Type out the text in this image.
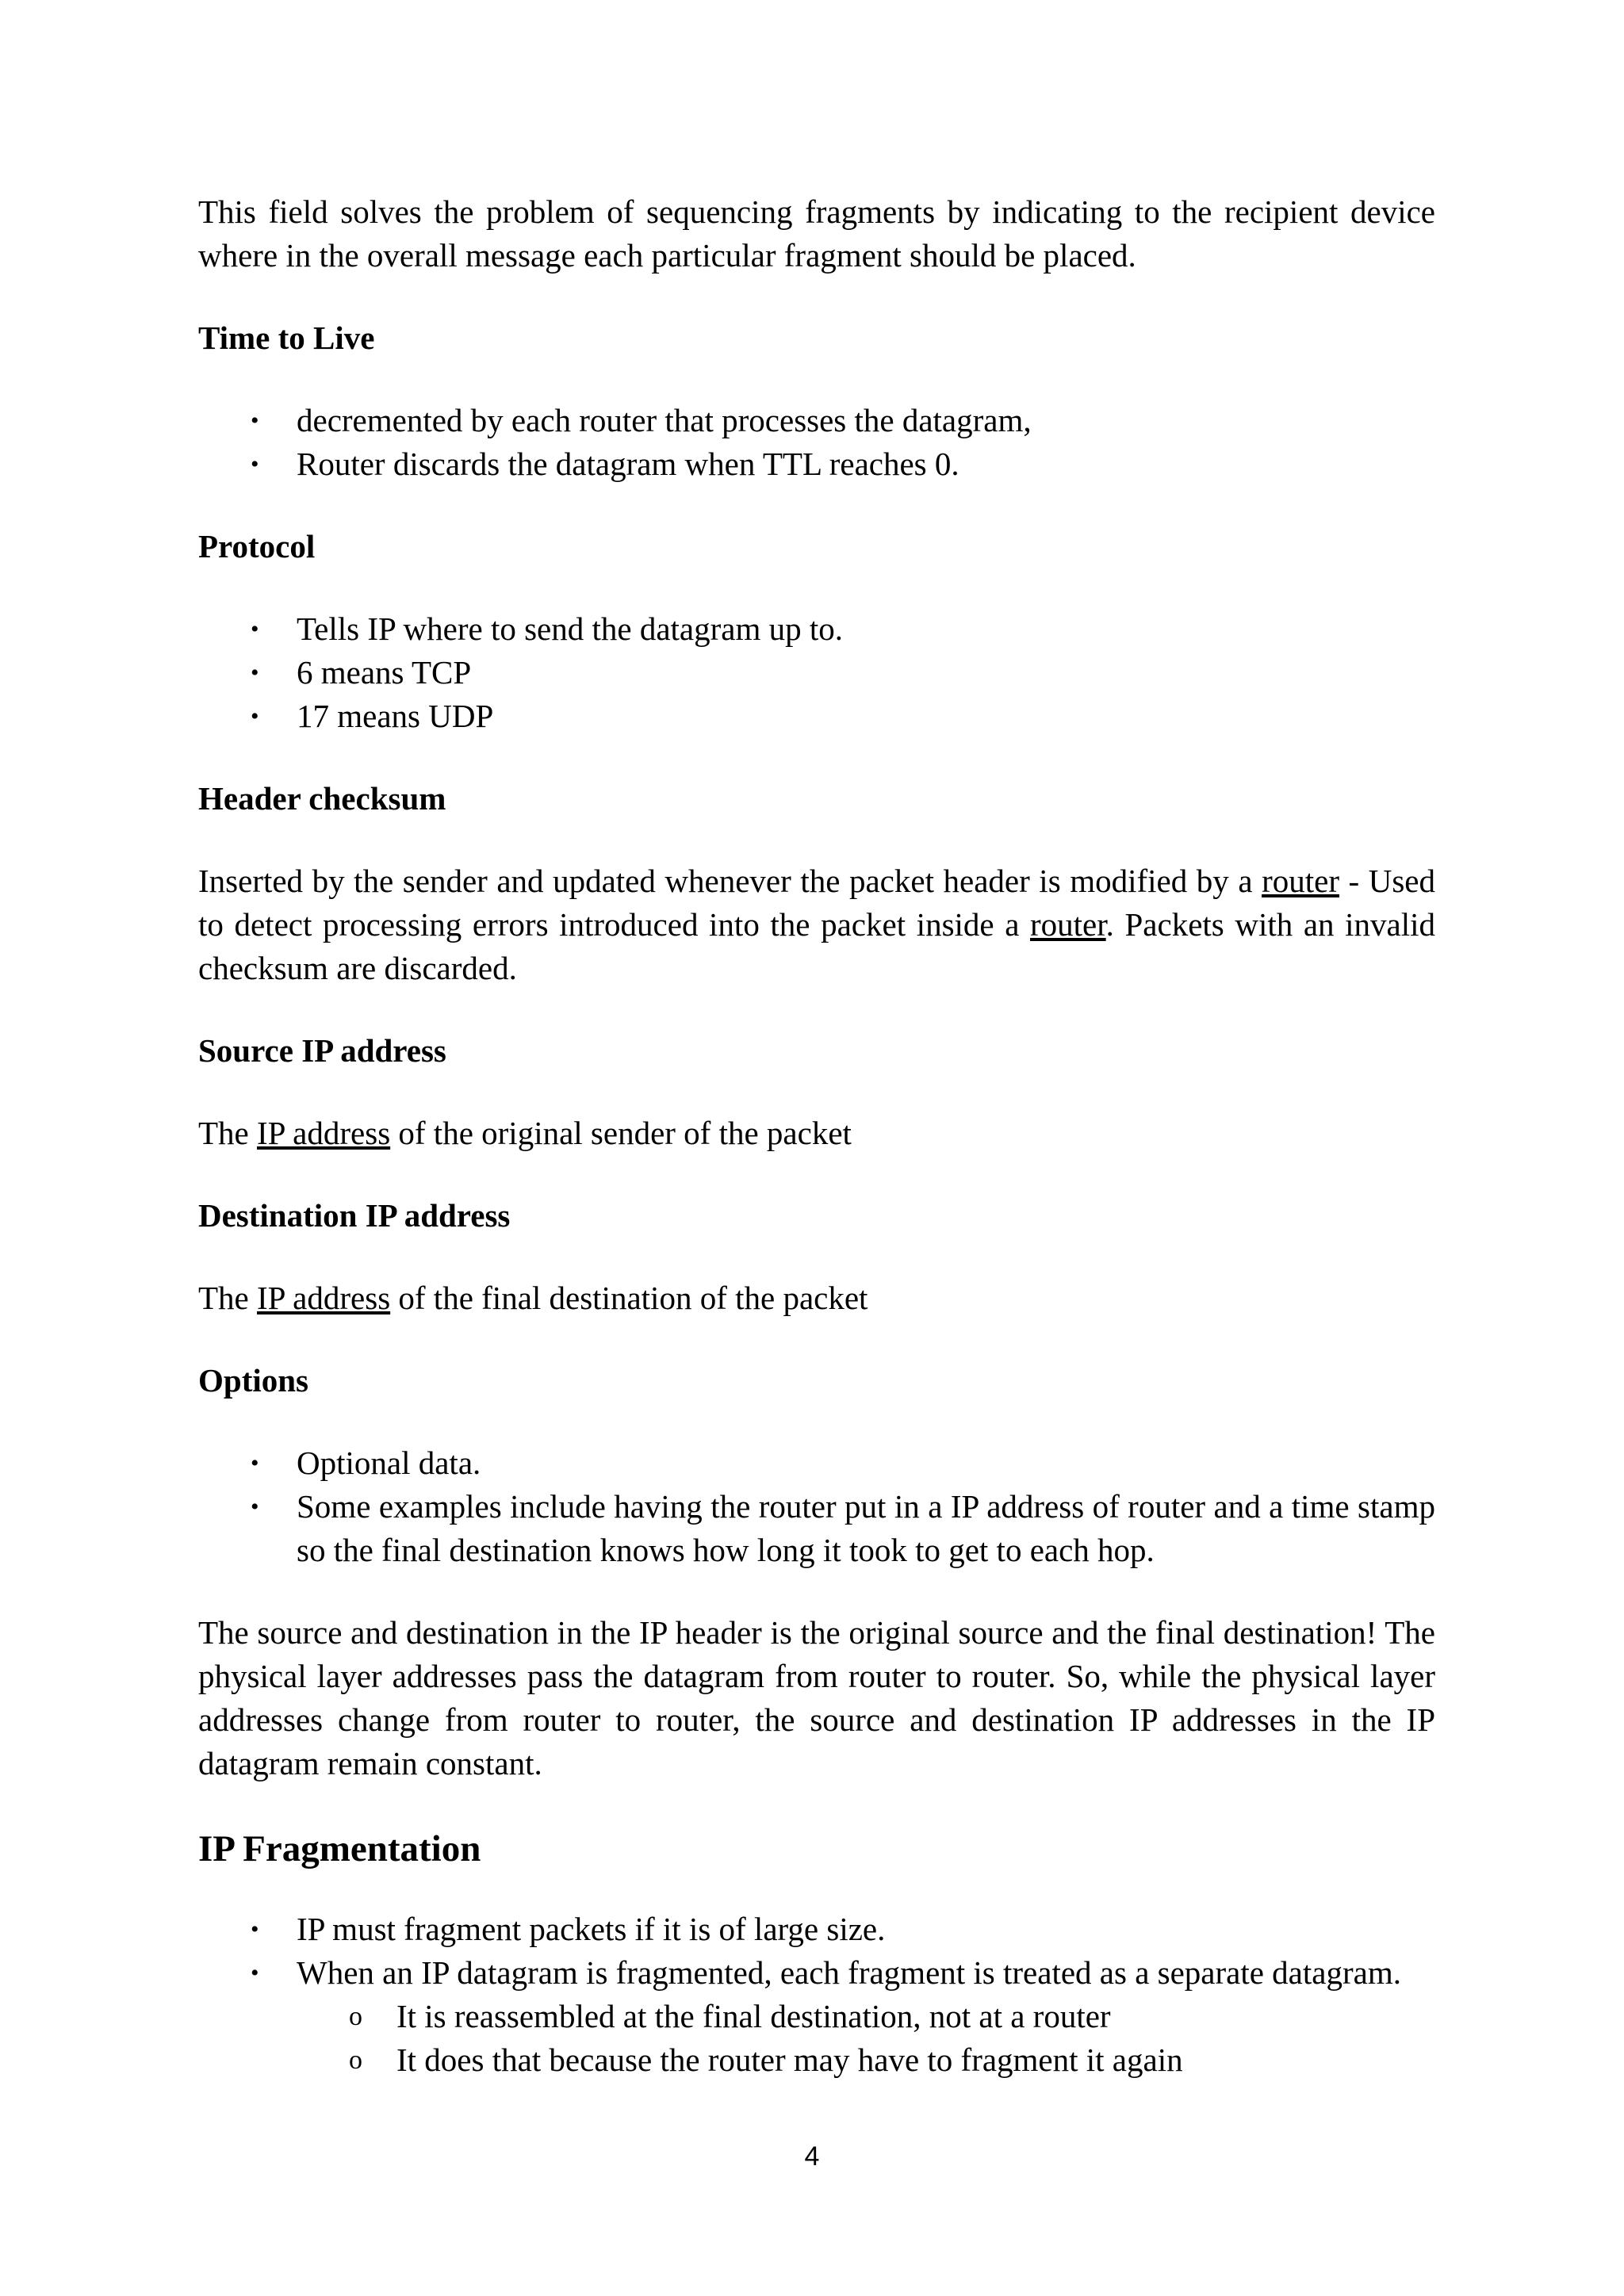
This field solves the problem of sequencing fragments by indicating to the recipient device where in the overall message each particular fragment should be placed.

Time to Live
• decremented by each router that processes the datagram,
• Router discards the datagram when TTL reaches 0.
Protocol
• Tells IP where to send the datagram up to.
• 6 means TCP
• 17 means UDP
Header checksum

Inserted by the sender and updated whenever the packet header is modified by a router - Used to detect processing errors introduced into the packet inside a router. Packets with an invalid checksum are discarded.

Source IP address

The IP address of the original sender of the packet

Destination IP address

The IP address of the final destination of the packet

Options
• Optional data.
• Some examples include having the router put in a IP address of router and a time stamp so the final destination knows how long it took to get to each hop.

The source and destination in the IP header is the original source and the final destination! The physical layer addresses pass the datagram from router to router. So, while the physical layer addresses change from router to router, the source and destination IP addresses in the IP datagram remain constant.

IP Fragmentation
• IP must fragment packets if it is of large size.
• When an IP datagram is fragmented, each fragment is treated as a separate datagram.
o It is reassembled at the final destination, not at a router
o It does that because the router may have to fragment it again
4
